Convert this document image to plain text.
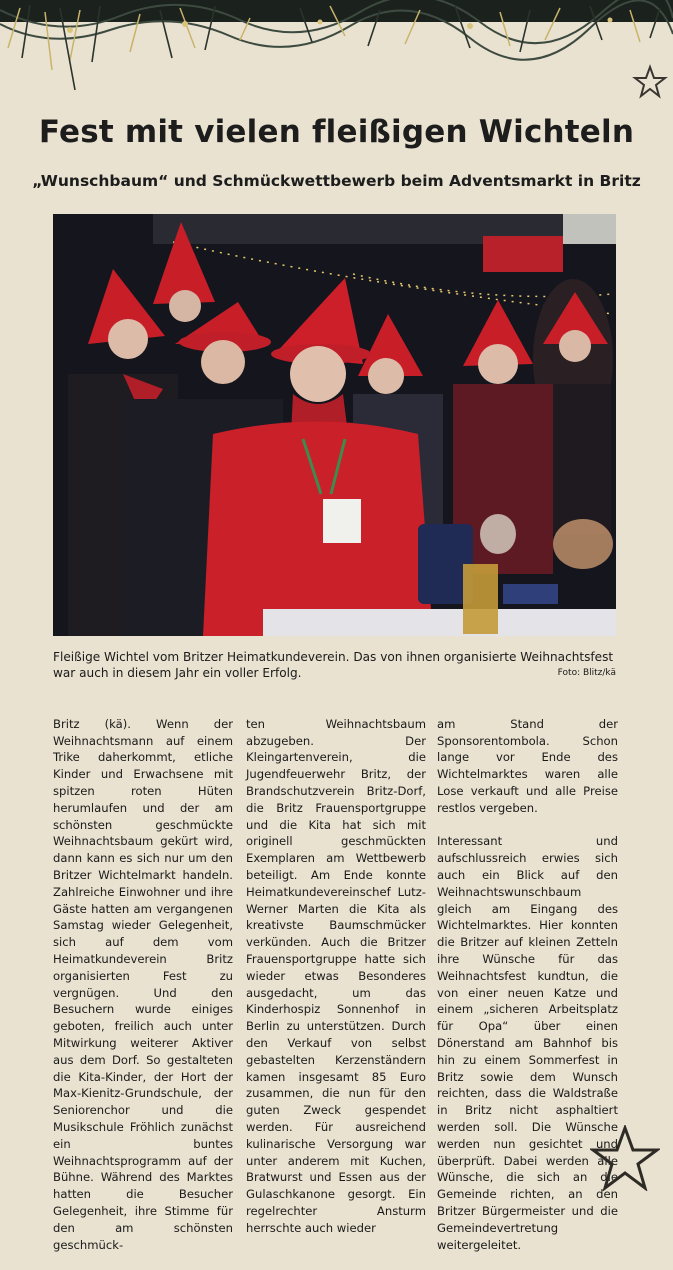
Fest mit vielen fleißigen Wichteln
„Wunschbaum“ und Schmückwettbewerb beim Adventsmarkt in Britz
Fleißige Wichtel vom Britzer Heimatkundeverein. Das von ihnen organisierte Weihnachtsfest war auch in diesem Jahr ein voller Erfolg.	Foto: Blitz/kä

Britz (kä). Wenn der Weihnachtsmann auf einem Trike daherkommt, etliche Kinder und Erwachsene mit spitzen roten Hüten herumlaufen und der am schönsten geschmückte Weihnachtsbaum gekürt wird, dann kann es sich nur um den Britzer Wichtelmarkt handeln. Zahlreiche Einwohner und ihre Gäste hatten am vergangenen Samstag wieder Gelegenheit, sich auf dem vom Heimatkundeverein Britz organisierten Fest zu vergnügen. Und den Besuchern wurde einiges geboten, freilich auch unter Mitwirkung weiterer Aktiver aus dem Dorf. So gestalteten die Kita-Kinder, der Hort der Max-Kienitz-Grundschule, der Seniorenchor und die Musikschule Fröhlich zunächst ein buntes Weihnachtsprogramm auf der Bühne. Während des Marktes hatten die Besucher Gelegenheit, ihre Stimme für den am schönsten geschmück-

ten Weihnachtsbaum abzugeben. Der Kleingartenverein, die Jugendfeuerwehr Britz, der Brandschutzverein Britz-Dorf, die Britz Frauensportgruppe und die Kita hat sich mit originell geschmückten Exemplaren am Wettbewerb beteiligt. Am Ende konnte Heimatkundevereinschef Lutz-Werner Marten die Kita als kreativste Baumschmücker verkünden. Auch die Britzer Frauensportgruppe hatte sich wieder etwas Besonderes ausgedacht, um das Kinderhospiz Sonnenhof in Berlin zu unterstützen. Durch den Verkauf von selbst gebastelten Kerzenständern kamen insgesamt 85 Euro zusammen, die nun für den guten Zweck gespendet werden. Für ausreichend kulinarische Versorgung war unter anderem mit Kuchen, Bratwurst und Essen aus der Gulaschkanone gesorgt. Ein regelrechter Ansturm herrschte auch wieder

am Stand der Sponsorentombola. Schon lange vor Ende des Wichtelmarktes waren alle Lose verkauft und alle Preise restlos vergeben.

Interessant und aufschlussreich erwies sich auch ein Blick auf den Weihnachtswunschbaum gleich am Eingang des Wichtelmarktes. Hier konnten die Britzer auf kleinen Zetteln ihre Wünsche für das Weihnachtsfest kundtun, die von einer neuen Katze und einem „sicheren Arbeitsplatz für Opa“ über einen Dönerstand am Bahnhof bis hin zu einem Sommerfest in Britz sowie dem Wunsch reichten, dass die Waldstraße in Britz nicht asphaltiert werden soll. Die Wünsche werden nun gesichtet und überprüft. Dabei werden alle Wünsche, die sich an die Gemeinde richten, an den Britzer Bürgermeister und die Gemeindevertretung weitergeleitet.
